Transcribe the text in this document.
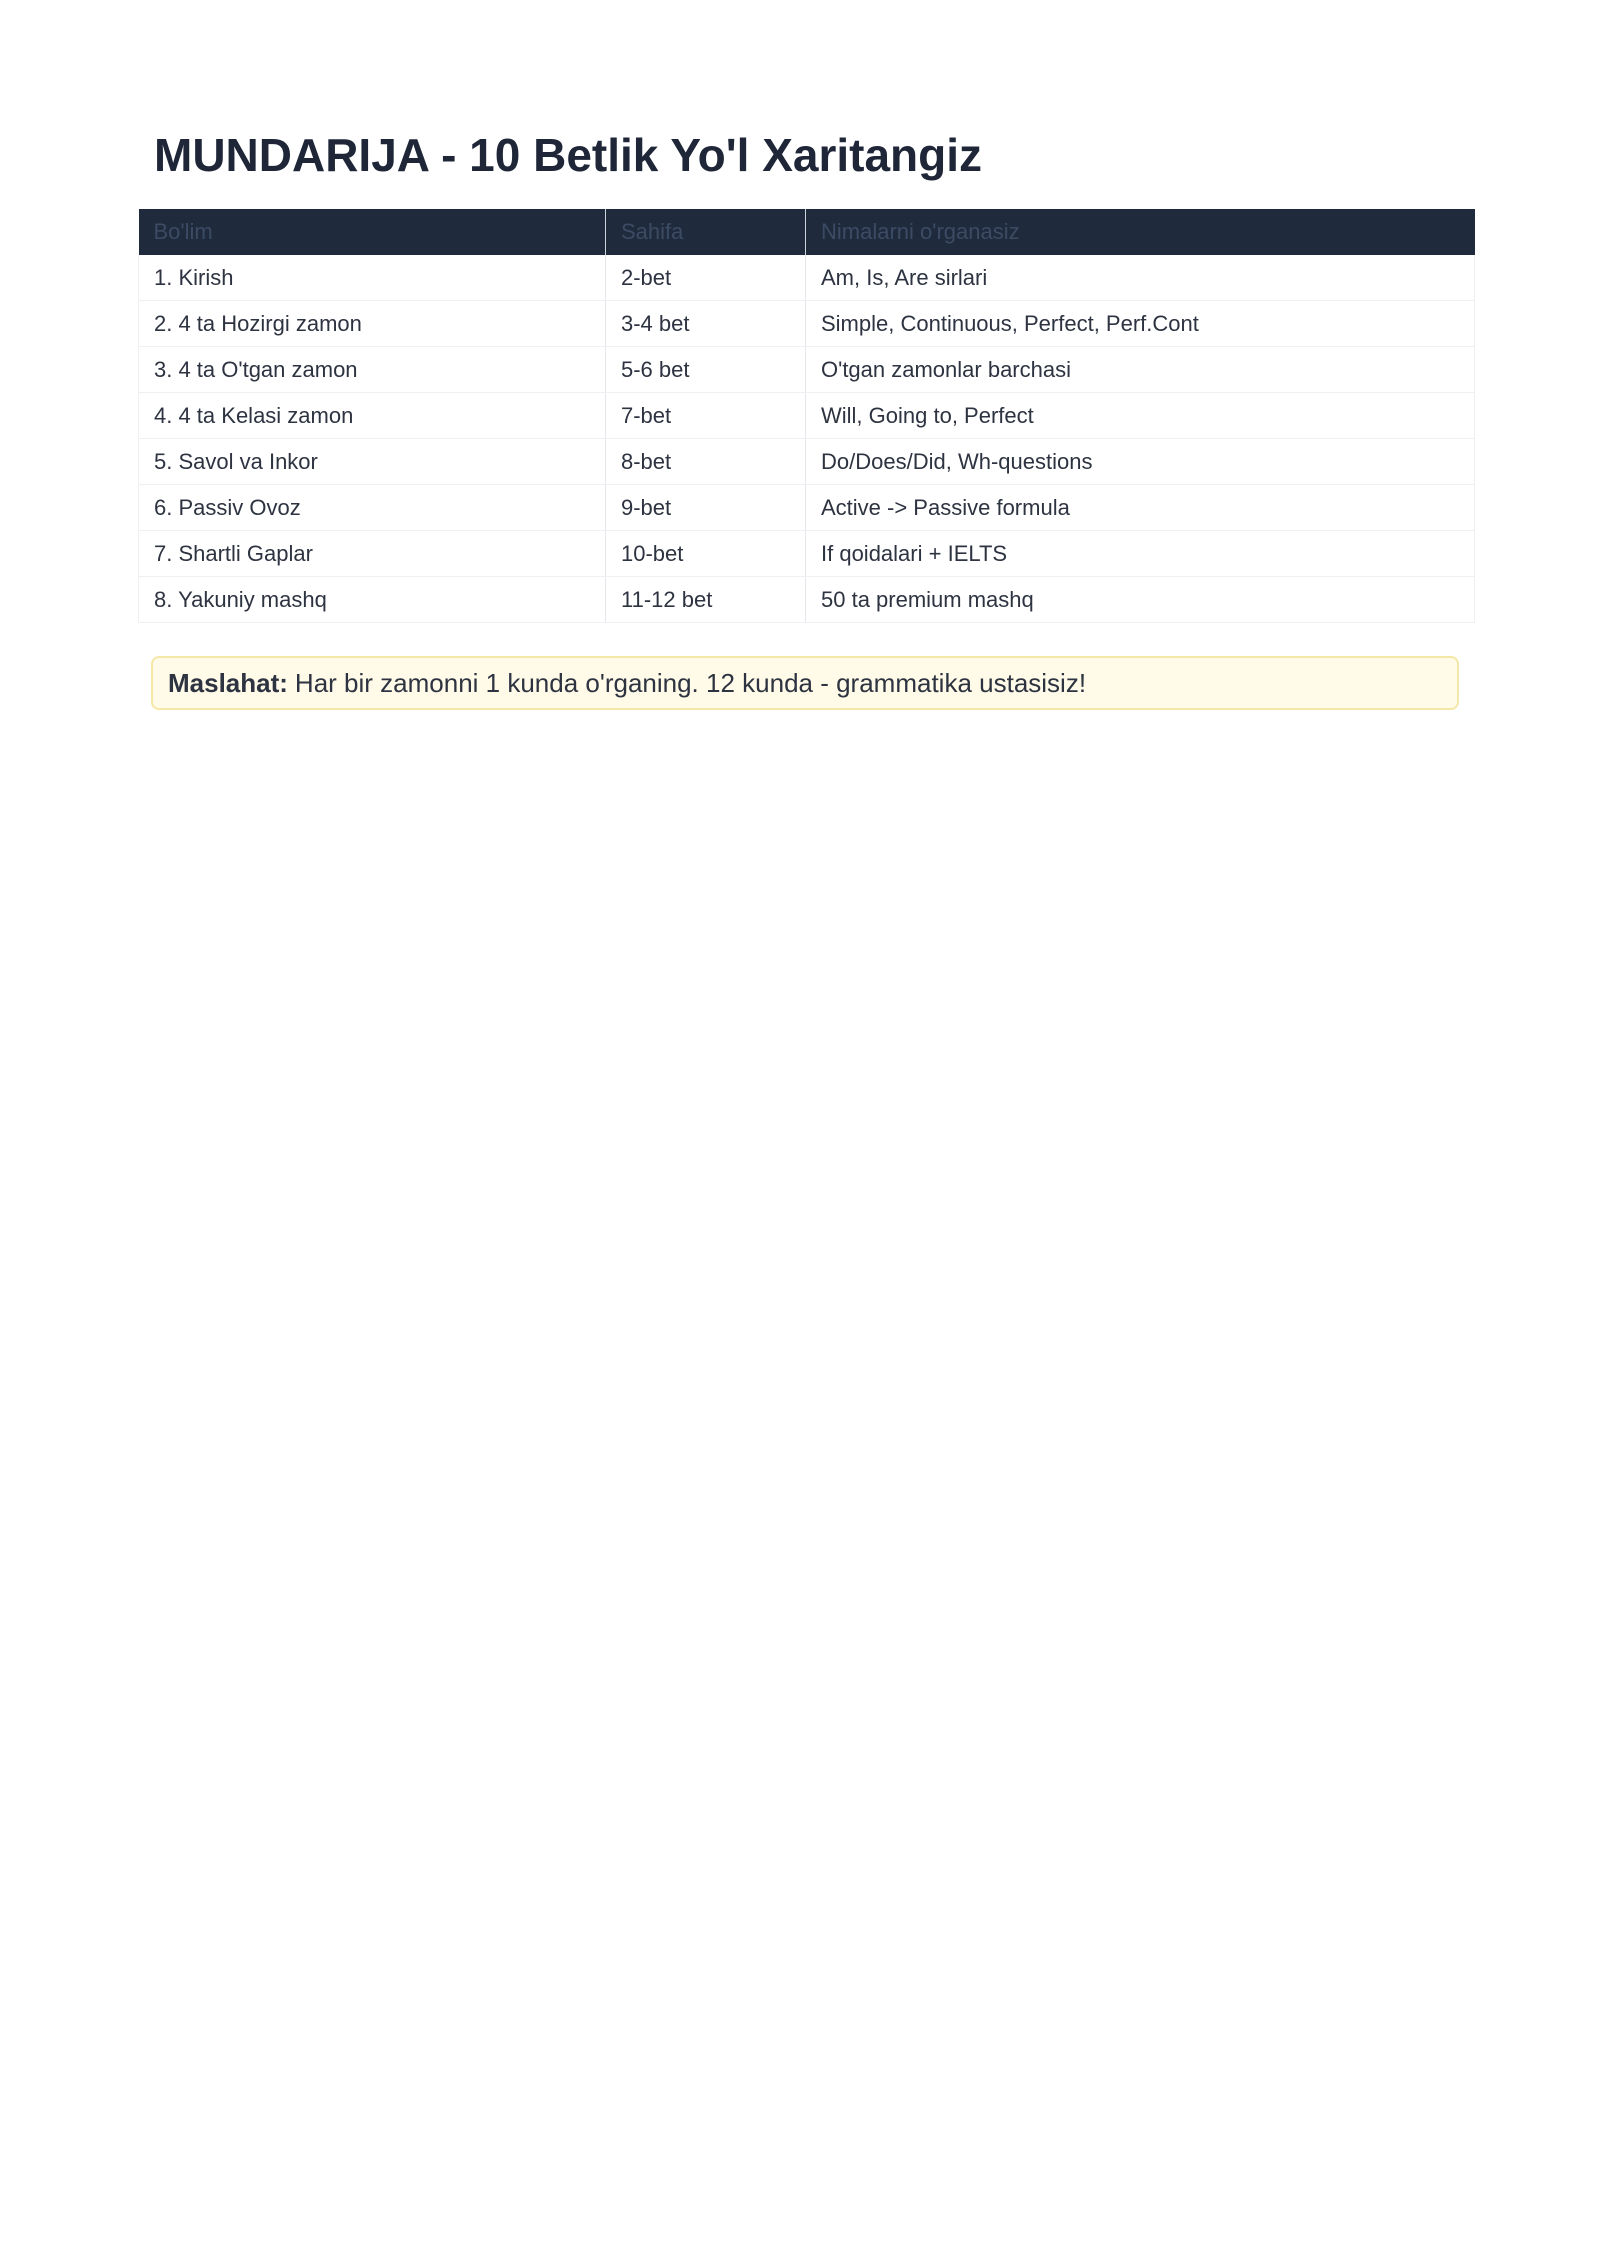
MUNDARIJA - 10 Betlik Yo'l Xaritangiz
Bo'lim	Sahifa	Nimalarni o'rganasiz
1. Kirish	2-bet	Am, Is, Are sirlari
2. 4 ta Hozirgi zamon	3-4 bet	Simple, Continuous, Perfect, Perf.Cont
3. 4 ta O'tgan zamon	5-6 bet	O'tgan zamonlar barchasi
4. 4 ta Kelasi zamon	7-bet	Will, Going to, Perfect
5. Savol va Inkor	8-bet	Do/Does/Did, Wh-questions
6. Passiv Ovoz	9-bet	Active -> Passive formula
7. Shartli Gaplar	10-bet	If qoidalari + IELTS
8. Yakuniy mashq	11-12 bet	50 ta premium mashq
Maslahat: Har bir zamonni 1 kunda o'rganing. 12 kunda - grammatika ustasisiz!
